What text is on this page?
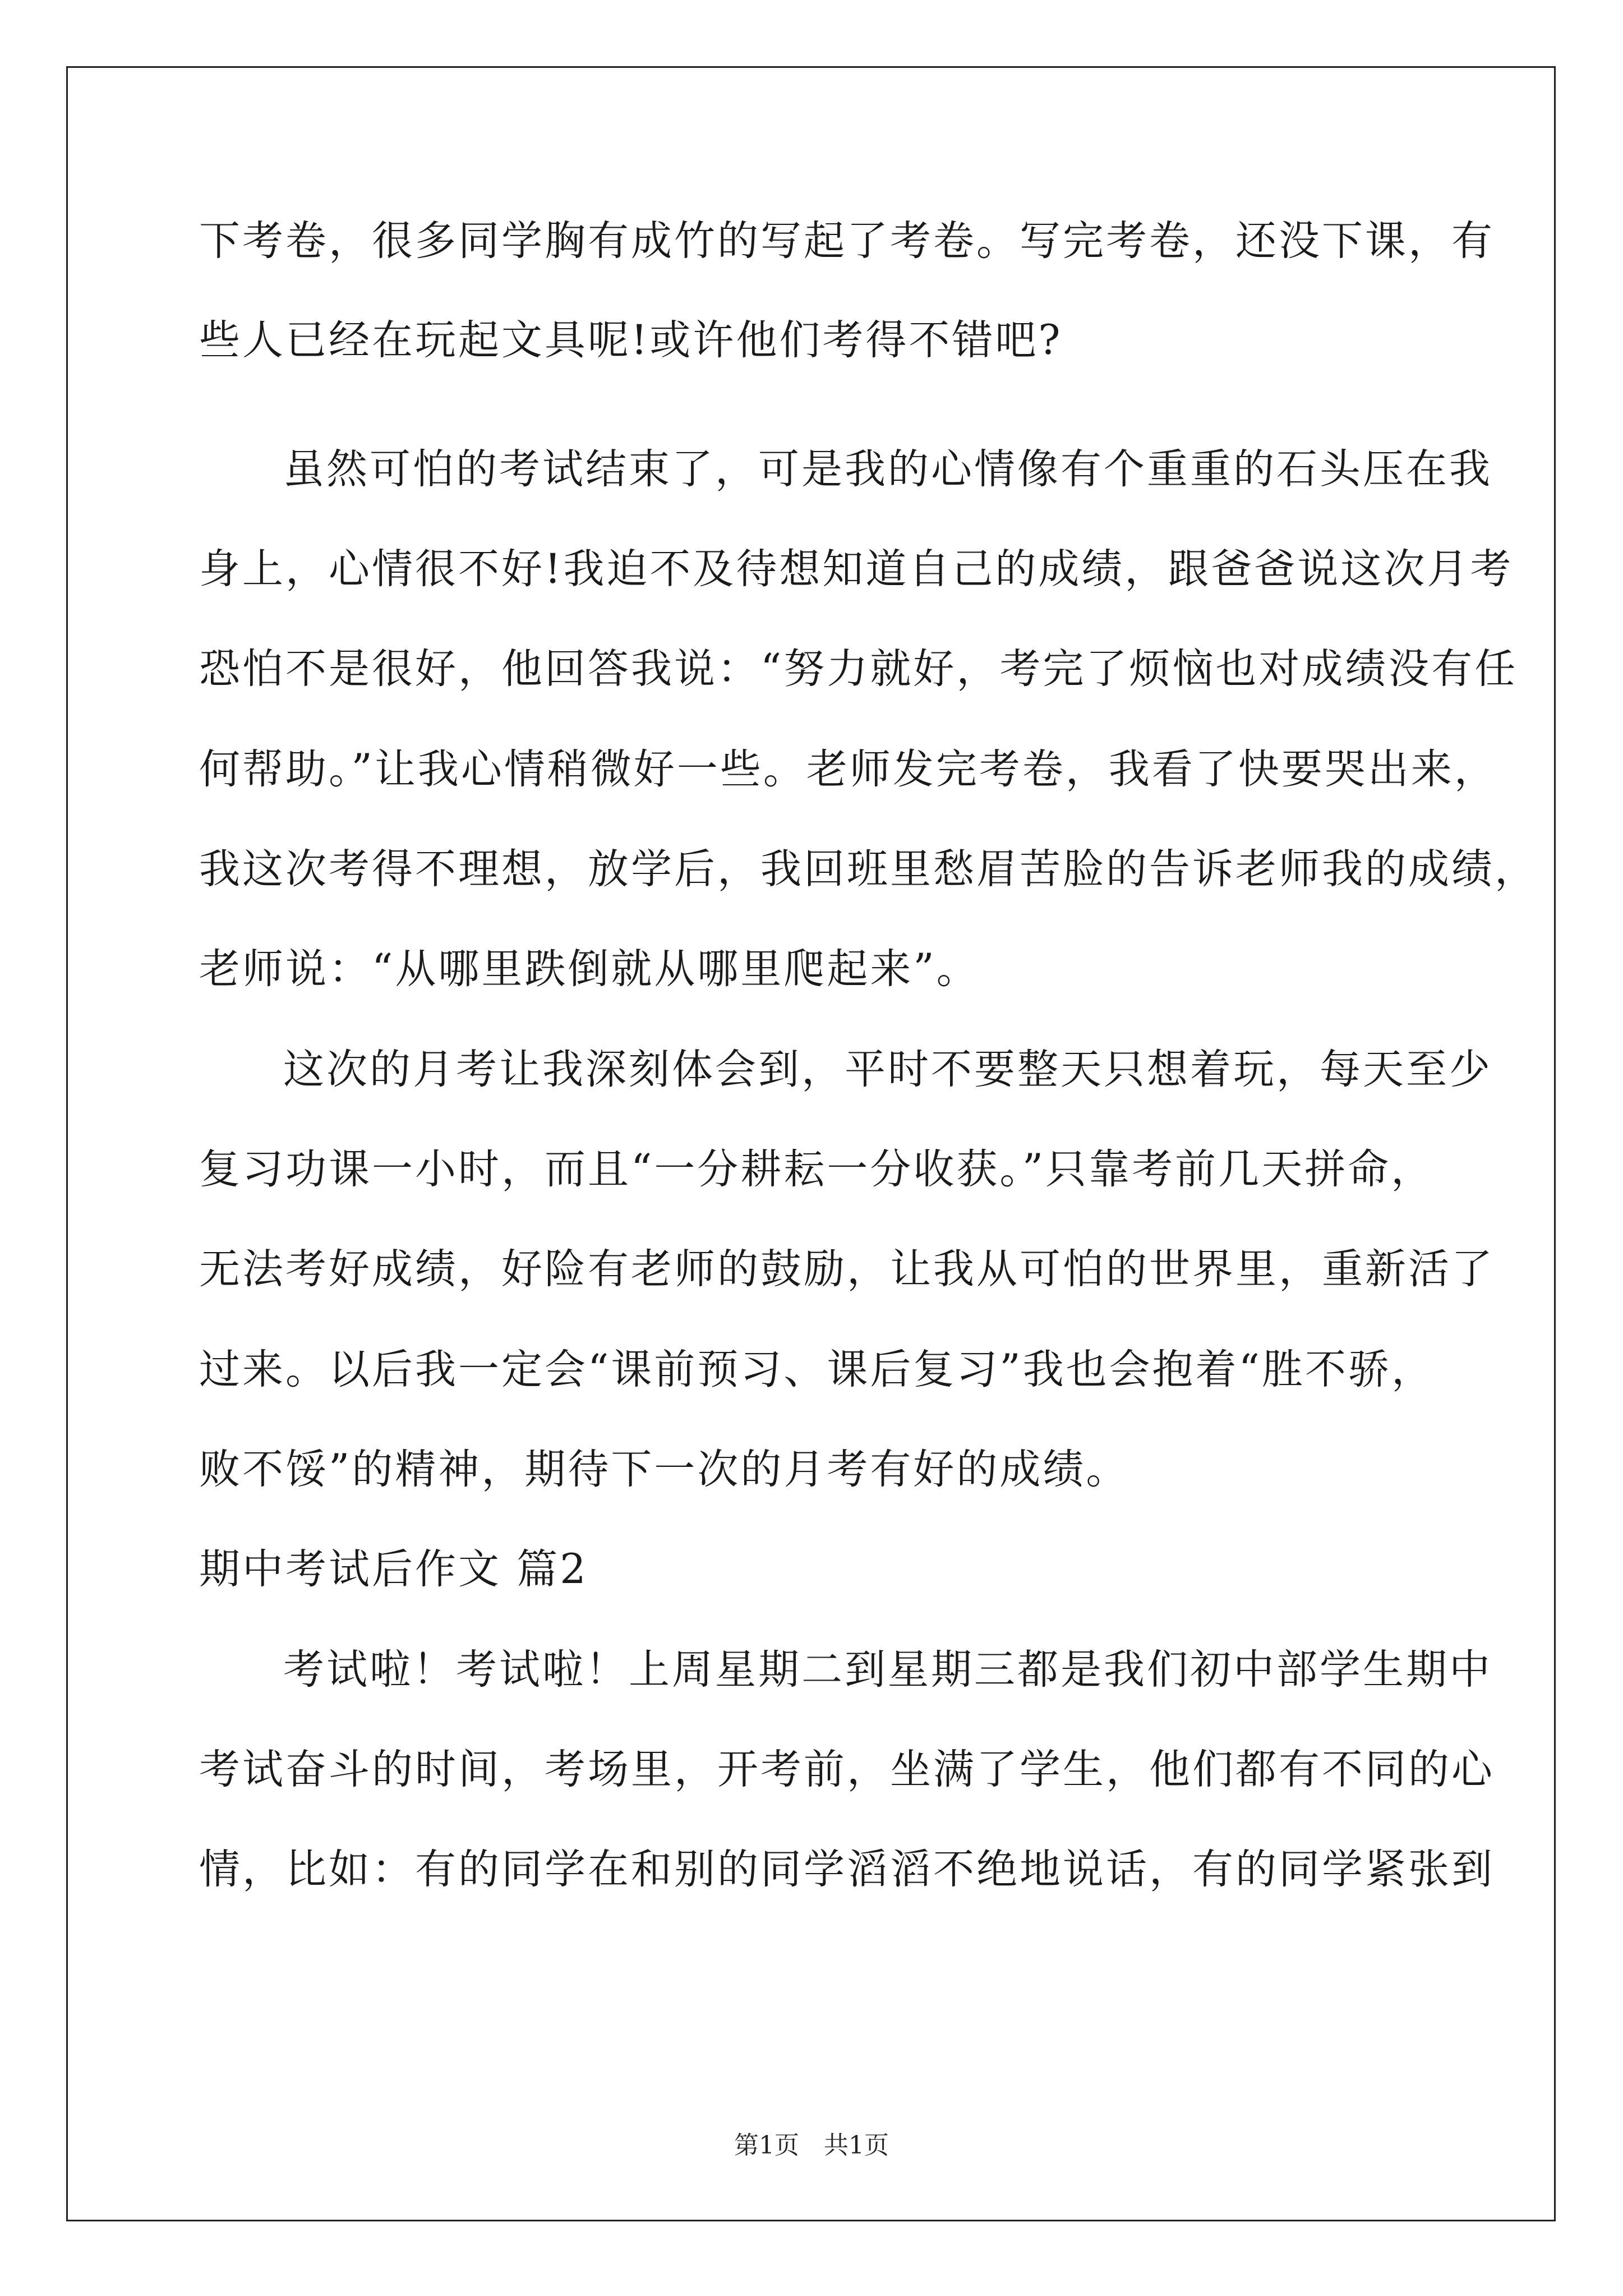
下考卷，很多同学胸有成竹的写起了考卷。写完考卷，还没下课，有
些人已经在玩起文具呢!或许他们考得不错吧?
虽然可怕的考试结束了，可是我的心情像有个重重的石头压在我
身上，心情很不好!我迫不及待想知道自己的成绩，跟爸爸说这次月考
恐怕不是很好，他回答我说：“努力就好，考完了烦恼也对成绩没有任
何帮助。”让我心情稍微好一些。老师发完考卷，我看了快要哭出来，
我这次考得不理想，放学后，我回班里愁眉苦脸的告诉老师我的成绩，
老师说：“从哪里跌倒就从哪里爬起来”。
这次的月考让我深刻体会到，平时不要整天只想着玩，每天至少
复习功课一小时，而且“一分耕耘一分收获。”只靠考前几天拼命，
无法考好成绩，好险有老师的鼓励，让我从可怕的世界里，重新活了
过来。以后我一定会“课前预习、课后复习”我也会抱着“胜不骄，
败不馁”的精神，期待下一次的月考有好的成绩。
期中考试后作文 篇2
考试啦！考试啦！上周星期二到星期三都是我们初中部学生期中
考试奋斗的时间，考场里，开考前，坐满了学生，他们都有不同的心
情，比如：有的同学在和别的同学滔滔不绝地说话，有的同学紧张到
第1页　共1页
